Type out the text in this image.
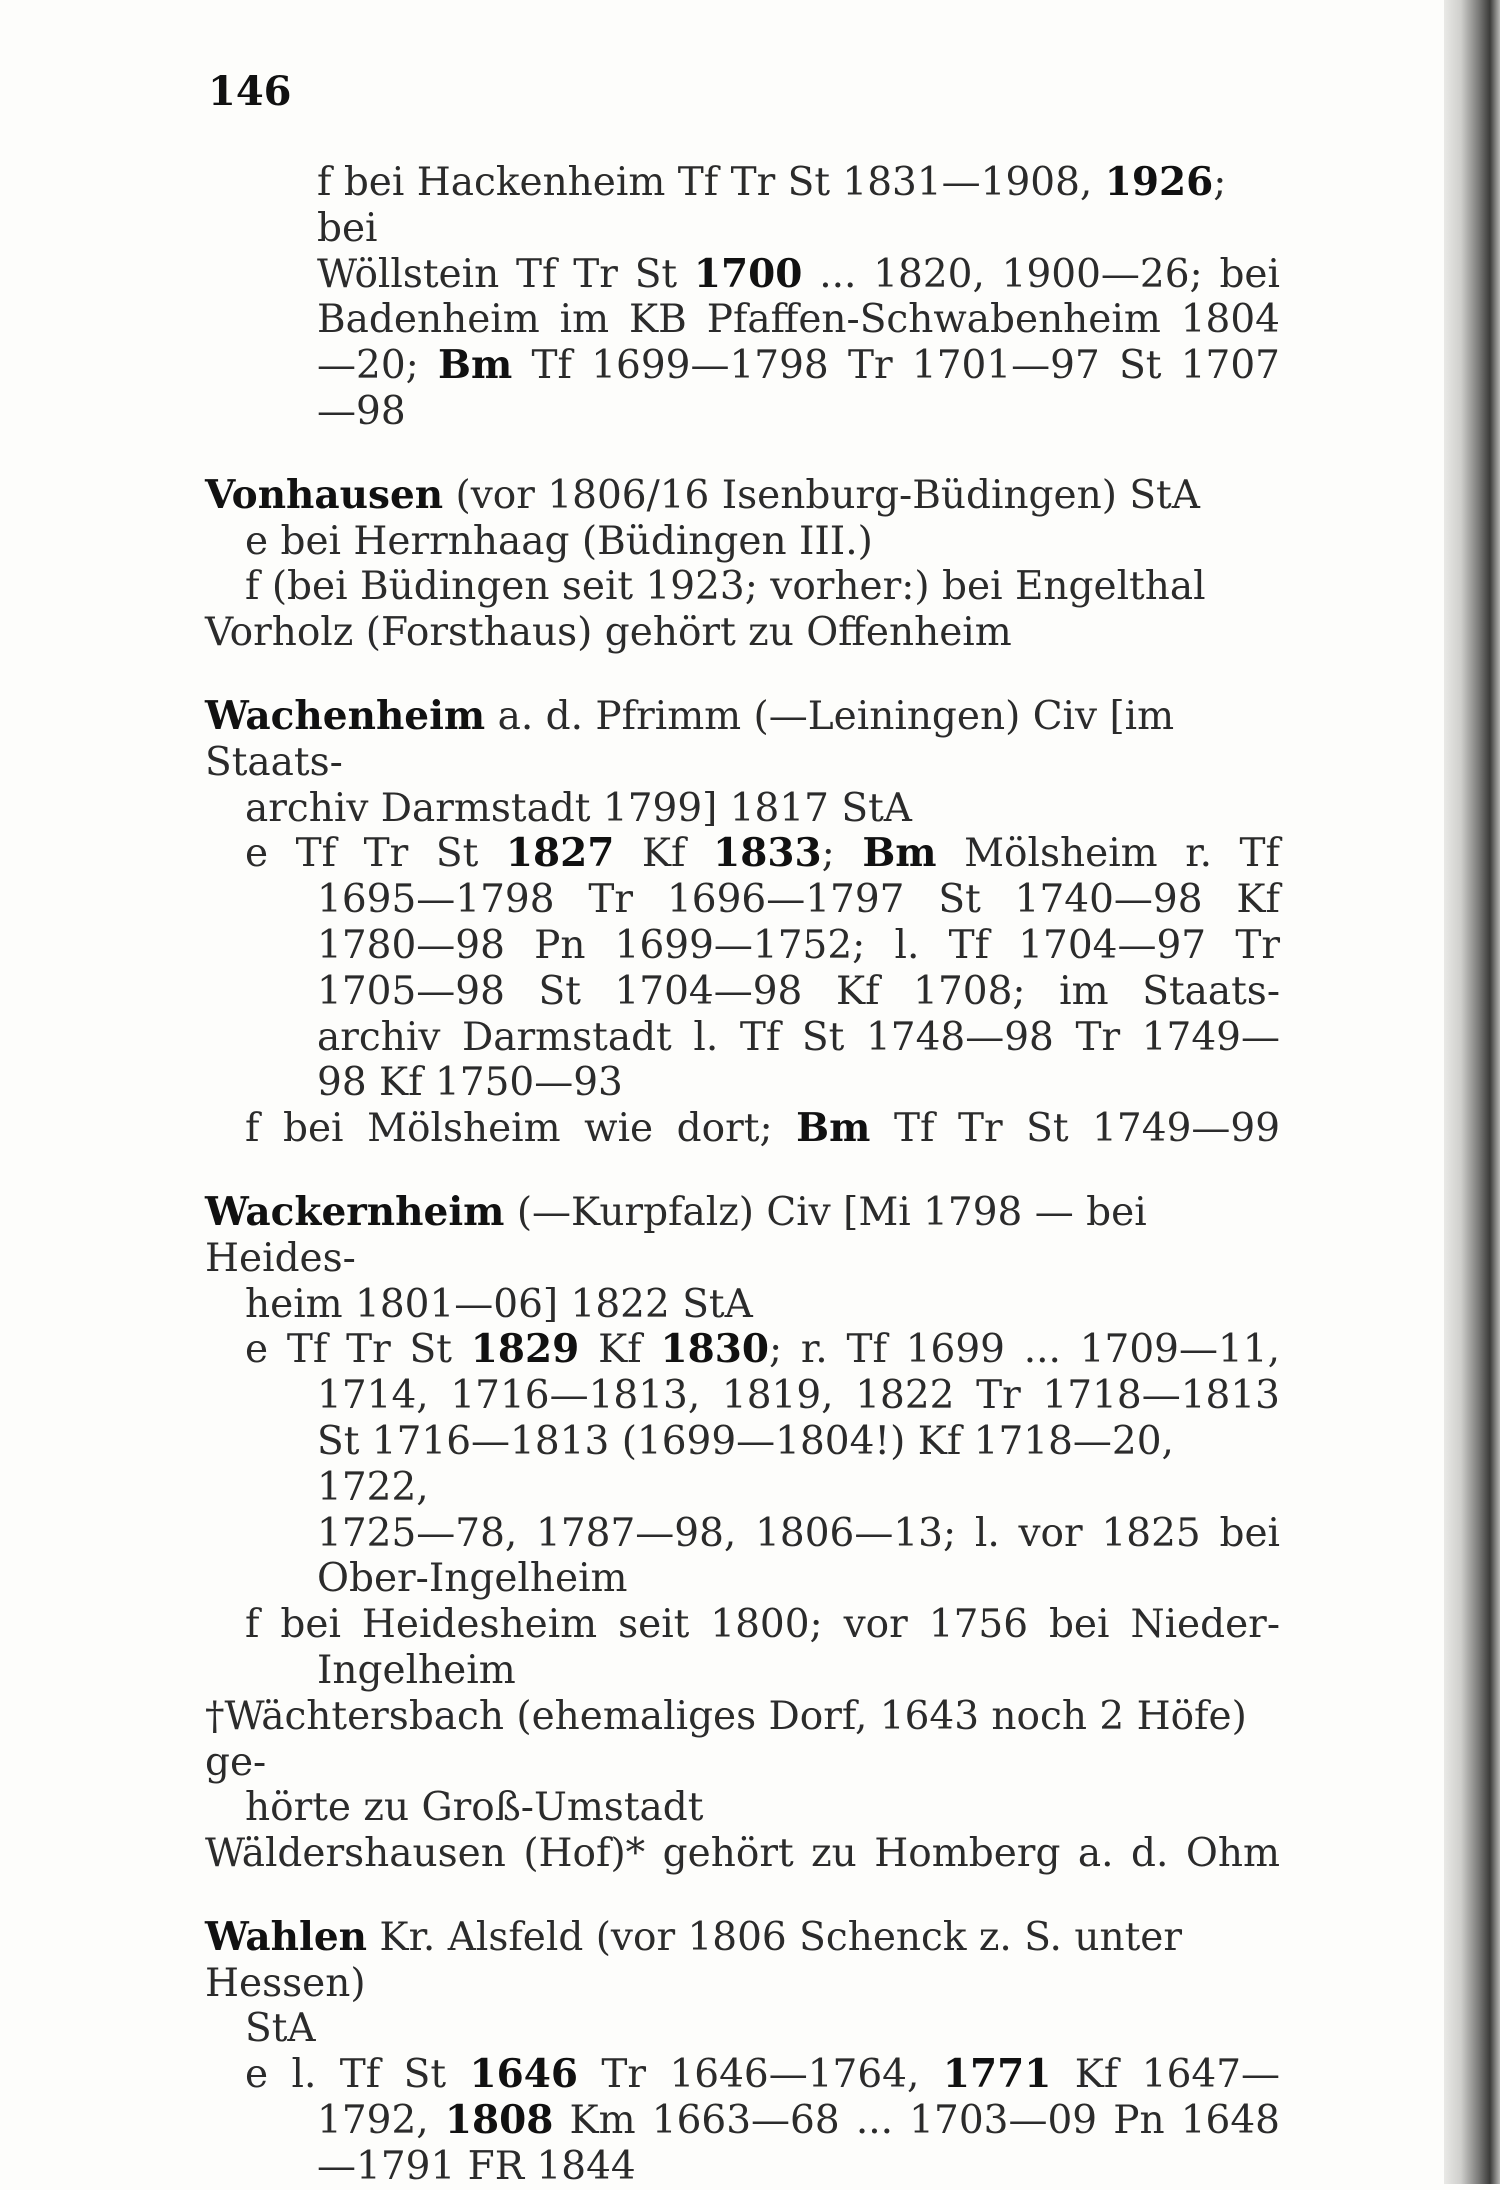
146
f bei Hackenheim Tf Tr St 1831—1908, 1926; bei
Wöllstein Tf Tr St 1700 ... 1820, 1900—26; bei
Badenheim im KB Pfaffen-Schwabenheim 1804
—20; Bm Tf 1699—1798 Tr 1701—97 St 1707
—98
Vonhausen (vor 1806/16 Isenburg-Büdingen) StA
e bei Herrnhaag (Büdingen III.)
f (bei Büdingen seit 1923; vorher:) bei Engelthal
Vorholz (Forsthaus) gehört zu Offenheim
Wachenheim a. d. Pfrimm (—Leiningen) Civ [im Staats-
archiv Darmstadt 1799] 1817 StA
e Tf Tr St 1827 Kf 1833; Bm Mölsheim r. Tf
1695—1798 Tr 1696—1797 St 1740—98 Kf
1780—98 Pn 1699—1752; l. Tf 1704—97 Tr
1705—98 St 1704—98 Kf 1708; im Staats-
archiv Darmstadt l. Tf St 1748—98 Tr 1749—
98 Kf 1750—93
f bei Mölsheim wie dort; Bm Tf Tr St 1749—99
Wackernheim (—Kurpfalz) Civ [Mi 1798 — bei Heides-
heim 1801—06] 1822 StA
e Tf Tr St 1829 Kf 1830; r. Tf 1699 ... 1709—11,
1714, 1716—1813, 1819, 1822 Tr 1718—1813
St 1716—1813 (1699—1804!) Kf 1718—20, 1722,
1725—78, 1787—98, 1806—13; l. vor 1825 bei
Ober-Ingelheim
f bei Heidesheim seit 1800; vor 1756 bei Nieder-
Ingelheim
†Wächtersbach (ehemaliges Dorf, 1643 noch 2 Höfe) ge-
hörte zu Groß-Umstadt
Wäldershausen (Hof)* gehört zu Homberg a. d. Ohm
Wahlen Kr. Alsfeld (vor 1806 Schenck z. S. unter Hessen)
StA
e l. Tf St 1646 Tr 1646—1764, 1771 Kf 1647—
1792, 1808 Km 1663—68 ... 1703—09 Pn 1648
—1791 FR 1844
